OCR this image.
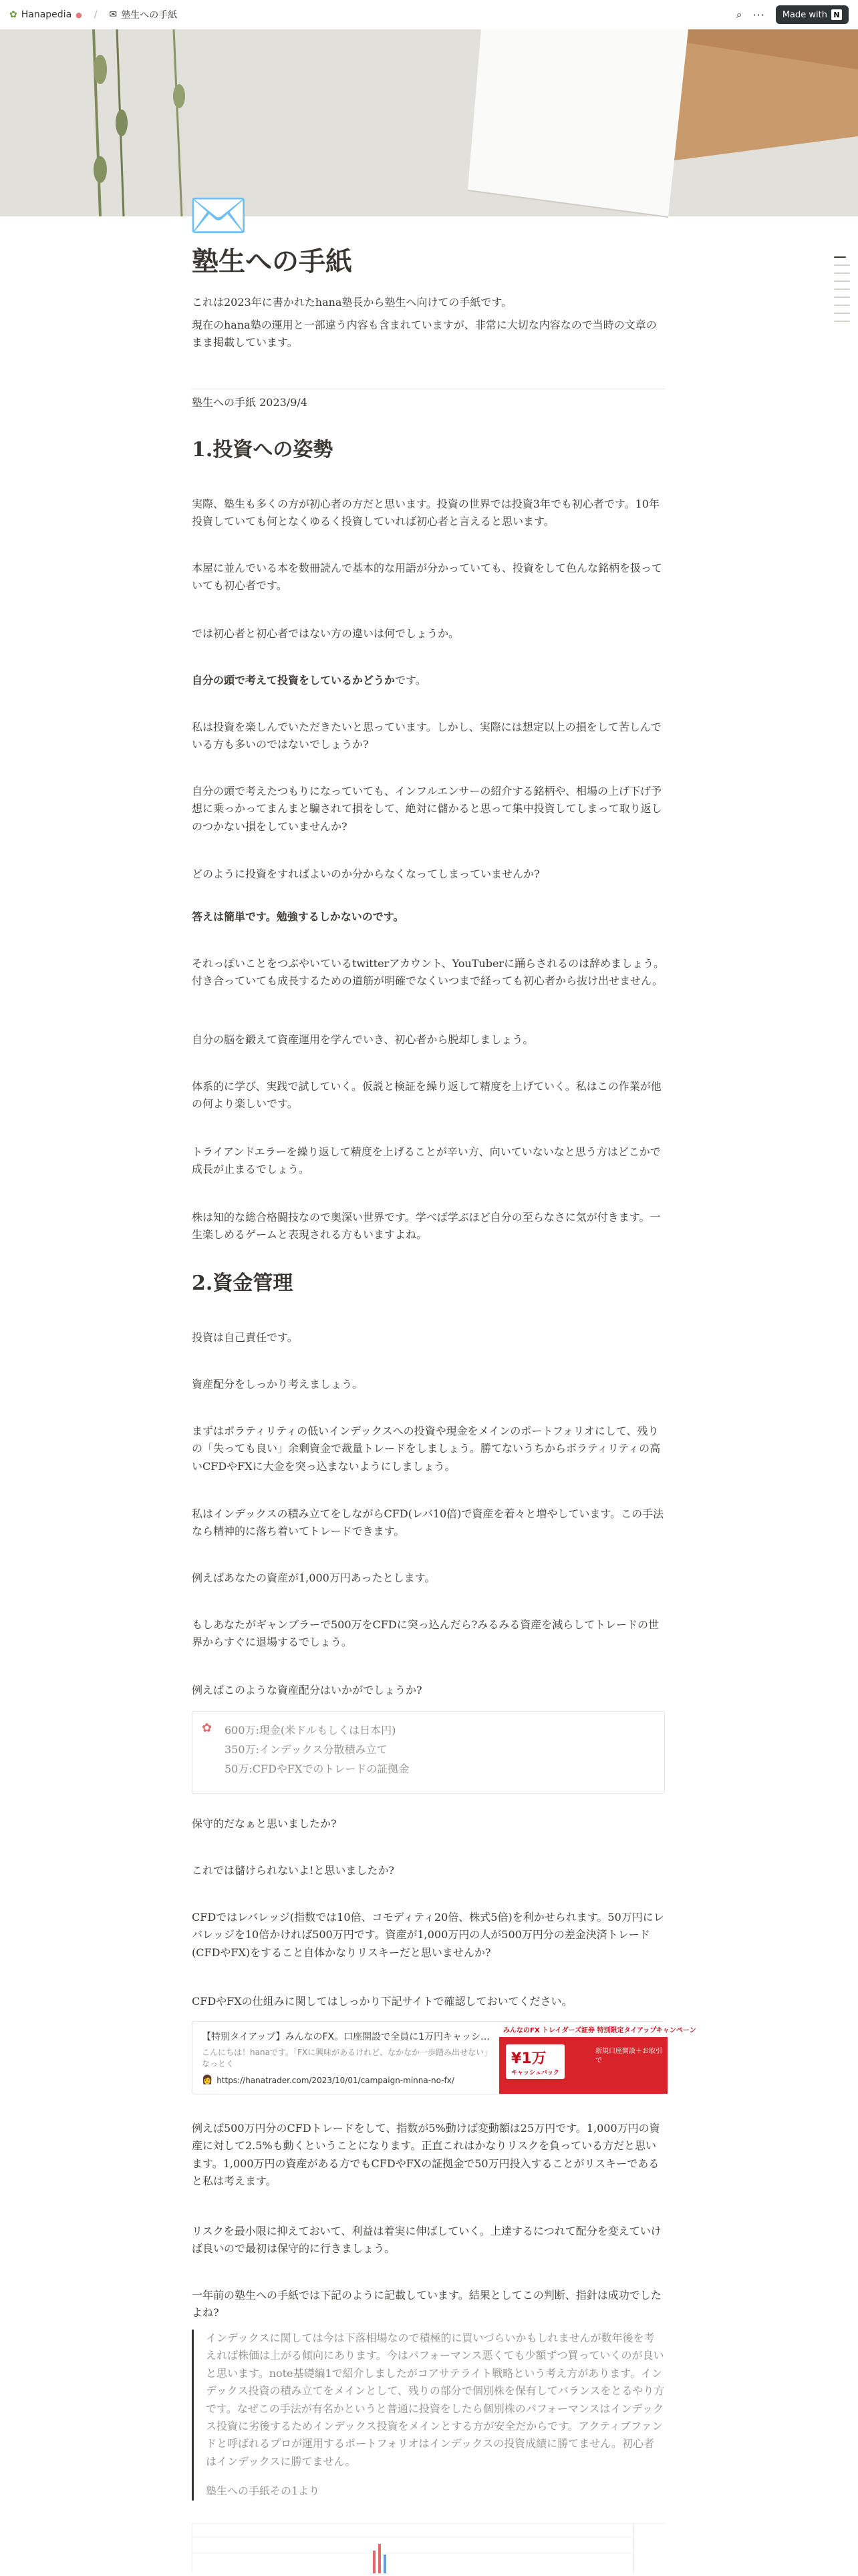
✿ Hanapedia ● / ✉ 塾生への手紙	⌕ ··· Made with N
✉️
塾生への手紙
これは2023年に書かれたhana塾長から塾生へ向けての手紙です。
現在のhana塾の運用と一部違う内容も含まれていますが、非常に大切な内容なので当時の文章のまま掲載しています。
塾生への手紙 2023/9/4
1.投資への姿勢
実際、塾生も多くの方が初心者の方だと思います。投資の世界では投資3年でも初心者です。10年投資していても何となくゆるく投資していれば初心者と言えると思います。
本屋に並んでいる本を数冊読んで基本的な用語が分かっていても、投資をして色んな銘柄を扱っていても初心者です。
では初心者と初心者ではない方の違いは何でしょうか。
自分の頭で考えて投資をしているかどうかです。
私は投資を楽しんでいただきたいと思っています。しかし、実際には想定以上の損をして苦しんでいる方も多いのではないでしょうか?
自分の頭で考えたつもりになっていても、インフルエンサーの紹介する銘柄や、相場の上げ下げ予想に乗っかってまんまと騙されて損をして、絶対に儲かると思って集中投資してしまって取り返しのつかない損をしていませんか?
どのように投資をすればよいのか分からなくなってしまっていませんか?
答えは簡単です。勉強するしかないのです。
それっぽいことをつぶやいているtwitterアカウント、YouTuberに踊らされるのは辞めましょう。付き合っていても成長するための道筋が明確でなくいつまで経っても初心者から抜け出せません。
自分の脳を鍛えて資産運用を学んでいき、初心者から脱却しましょう。
体系的に学び、実践で試していく。仮説と検証を繰り返して精度を上げていく。私はこの作業が他の何より楽しいです。
トライアンドエラーを繰り返して精度を上げることが辛い方、向いていないなと思う方はどこかで成長が止まるでしょう。
株は知的な総合格闘技なので奥深い世界です。学べば学ぶほど自分の至らなさに気が付きます。一生楽しめるゲームと表現される方もいますよね。
2.資金管理
投資は自己責任です。
資産配分をしっかり考えましょう。
まずはボラティリティの低いインデックスへの投資や現金をメインのポートフォリオにして、残りの「失っても良い」余剰資金で裁量トレードをしましょう。勝てないうちからボラティリティの高いCFDやFXに大金を突っ込まないようにしましょう。
私はインデックスの積み立てをしながらCFD(レバ10倍)で資産を着々と増やしています。この手法なら精神的に落ち着いてトレードできます。
例えばあなたの資産が1,000万円あったとします。
もしあなたがギャンブラーで500万をCFDに突っ込んだら?みるみる資産を減らしてトレードの世界からすぐに退場するでしょう。
例えばこのような資産配分はいかがでしょうか?
✿ 600万:現金(米ドルもしくは日本円)
350万:インデックス分散積み立て
50万:CFDやFXでのトレードの証拠金
保守的だなぁと思いましたか?
これでは儲けられないよ!と思いましたか?
CFDではレバレッジ(指数では10倍、コモディティ20倍、株式5倍)を利かせられます。50万円にレバレッジを10倍かければ500万円です。資産が1,000万円の人が500万円分の差金決済トレード(CFDやFX)をすること自体かなりリスキーだと思いませんか?
CFDやFXの仕組みに関してはしっかり下記サイトで確認しておいてください。
【特別タイアップ】みんなのFX。口座開設で全員に1万円キャッシ…
こんにちは！hanaです。「FXに興味があるけれど、なかなか一歩踏み出せない」なっとく
👩 https://hanatrader.com/2023/10/01/campaign-minna-no-fx/
みんなのFX トレイダーズ証券 特別限定タイアップキャンペーン
¥1万
キャッシュバック
新規口座開設＋お取引で
例えば500万円分のCFDトレードをして、指数が5%動けば変動額は25万円です。1,000万円の資産に対して2.5%も動くということになります。正直これはかなりリスクを負っている方だと思います。1,000万円の資産がある方でもCFDやFXの証拠金で50万円投入することがリスキーであると私は考えます。
リスクを最小限に抑えておいて、利益は着実に伸ばしていく。上達するにつれて配分を変えていけば良いので最初は保守的に行きましょう。
一年前の塾生への手紙では下記のように記載しています。結果としてこの判断、指針は成功でしたよね?
インデックスに関しては今は下落相場なので積極的に買いづらいかもしれませんが数年後を考えれば株価は上がる傾向にあります。今はパフォーマンス悪くても少額ずつ買っていくのが良いと思います。note基礎編1で紹介しましたがコアサテライト戦略という考え方があります。インデックス投資の積み立てをメインとして、残りの部分で個別株を保有してバランスをとるやり方です。なぜこの手法が有名かというと普通に投資をしたら個別株のパフォーマンスはインデックス投資に劣後するためインデックス投資をメインとする方が安全だからです。アクティブファンドと呼ばれるプロが運用するポートフォリオはインデックスの投資成績に勝てません。初心者はインデックスに勝てません。
塾生への手紙その1より
